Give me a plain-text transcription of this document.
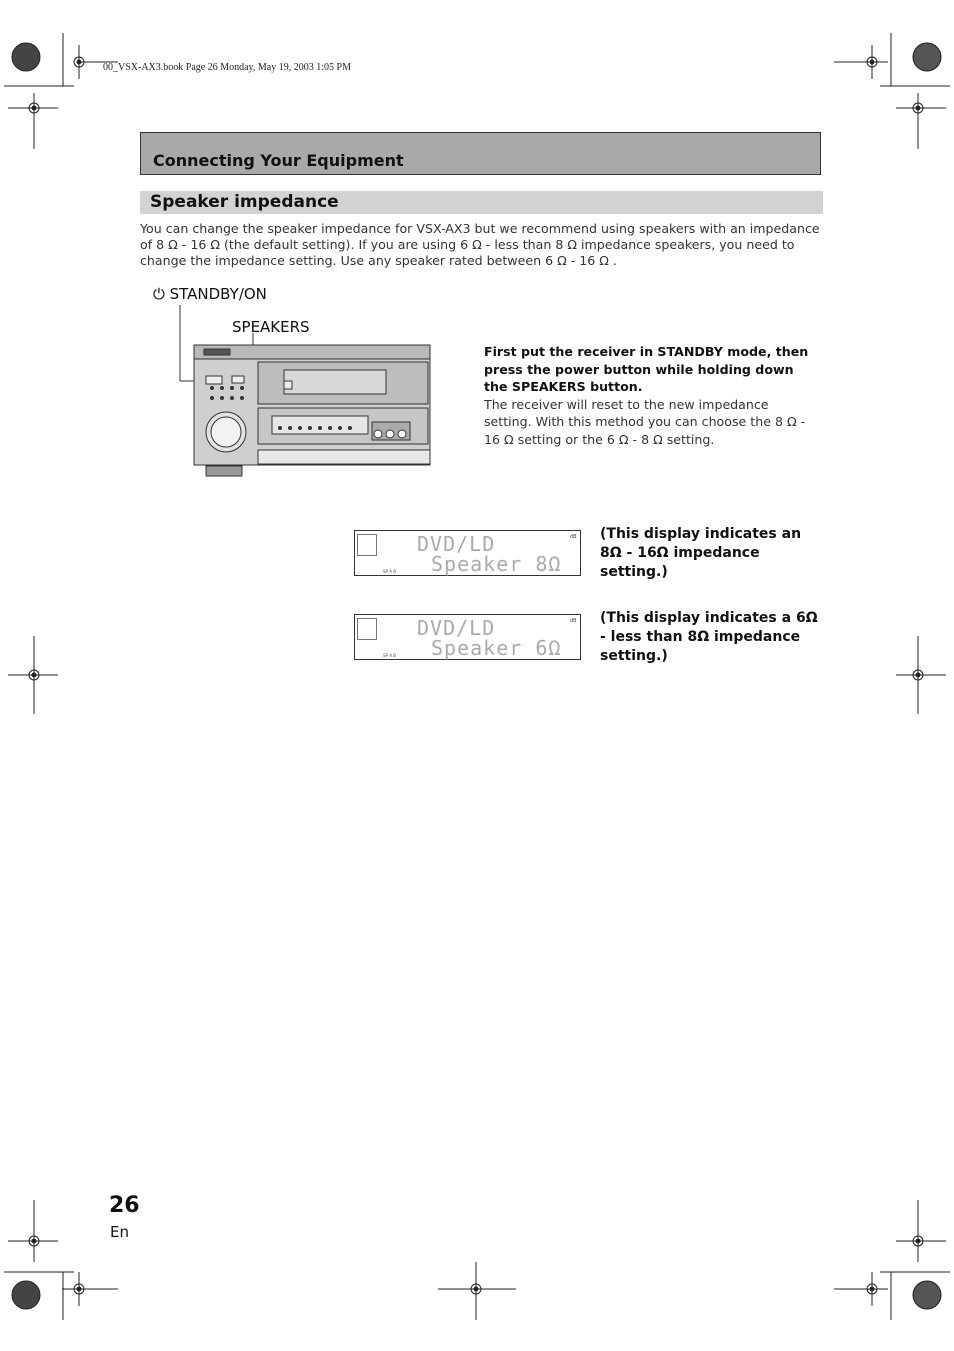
00_VSX-AX3.book Page 26 Monday, May 19, 2003 1:05 PM
Connecting Your Equipment
Speaker impedance
You can change the speaker impedance for VSX-AX3 but we recommend using speakers with an impedance of 8 Ω - 16 Ω (the default setting). If you are using 6 Ω - less than 8 Ω impedance speakers, you need to change the impedance setting. Use any speaker rated between 6 Ω - 16 Ω .
⏻ STANDBY/ON
SPEAKERS
First put the receiver in STANDBY mode, then press the power button while holding down the SPEAKERS button.
The receiver will reset to the new impedance setting. With this method you can choose the 8 Ω - 16 Ω setting or the 6 Ω - 8 Ω setting.
dB
SP A B
DVD/LD
Speaker 8Ω
(This display indicates an 8Ω - 16Ω impedance setting.)
dB
SP A B
DVD/LD
Speaker 6Ω
(This display indicates a 6Ω - less than 8Ω impedance setting.)
26
En
